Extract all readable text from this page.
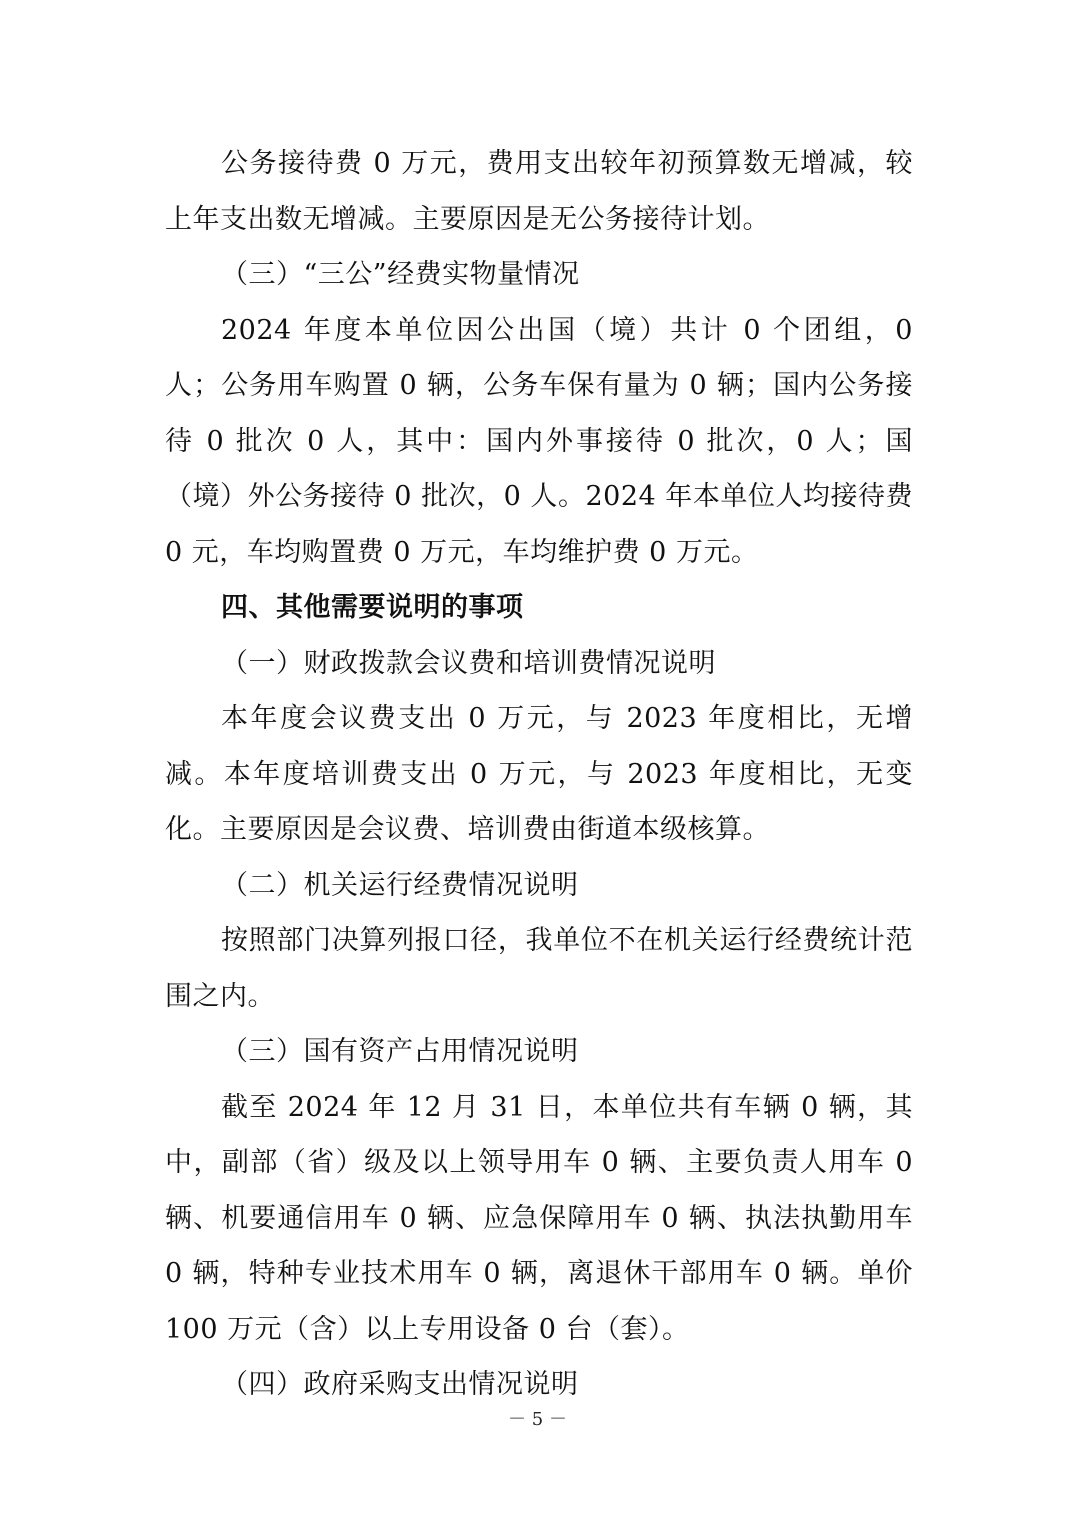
公务接待费 0 万元，费用支出较年初预算数无增减，较上年支出数无增减。主要原因是无公务接待计划。

（三）“三公”经费实物量情况

2024 年度本单位因公出国（境）共计 0 个团组，0 人；公务用车购置 0 辆，公务车保有量为 0 辆；国内公务接待 0 批次 0 人，其中：国内外事接待 0 批次，0 人；国（境）外公务接待 0 批次，0 人。2024 年本单位人均接待费 0 元，车均购置费 0 万元，车均维护费 0 万元。

四、其他需要说明的事项

（一）财政拨款会议费和培训费情况说明

本年度会议费支出 0 万元，与 2023 年度相比，无增减。本年度培训费支出 0 万元，与 2023 年度相比，无变化。主要原因是会议费、培训费由街道本级核算。

（二）机关运行经费情况说明

按照部门决算列报口径，我单位不在机关运行经费统计范围之内。

（三）国有资产占用情况说明

截至 2024 年 12 月 31 日，本单位共有车辆 0 辆，其中，副部（省）级及以上领导用车 0 辆、主要负责人用车 0 辆、机要通信用车 0 辆、应急保障用车 0 辆、执法执勤用车 0 辆，特种专业技术用车 0 辆，离退休干部用车 0 辆。单价 100 万元（含）以上专用设备 0 台（套）。

（四）政府采购支出情况说明

－ 5 －
